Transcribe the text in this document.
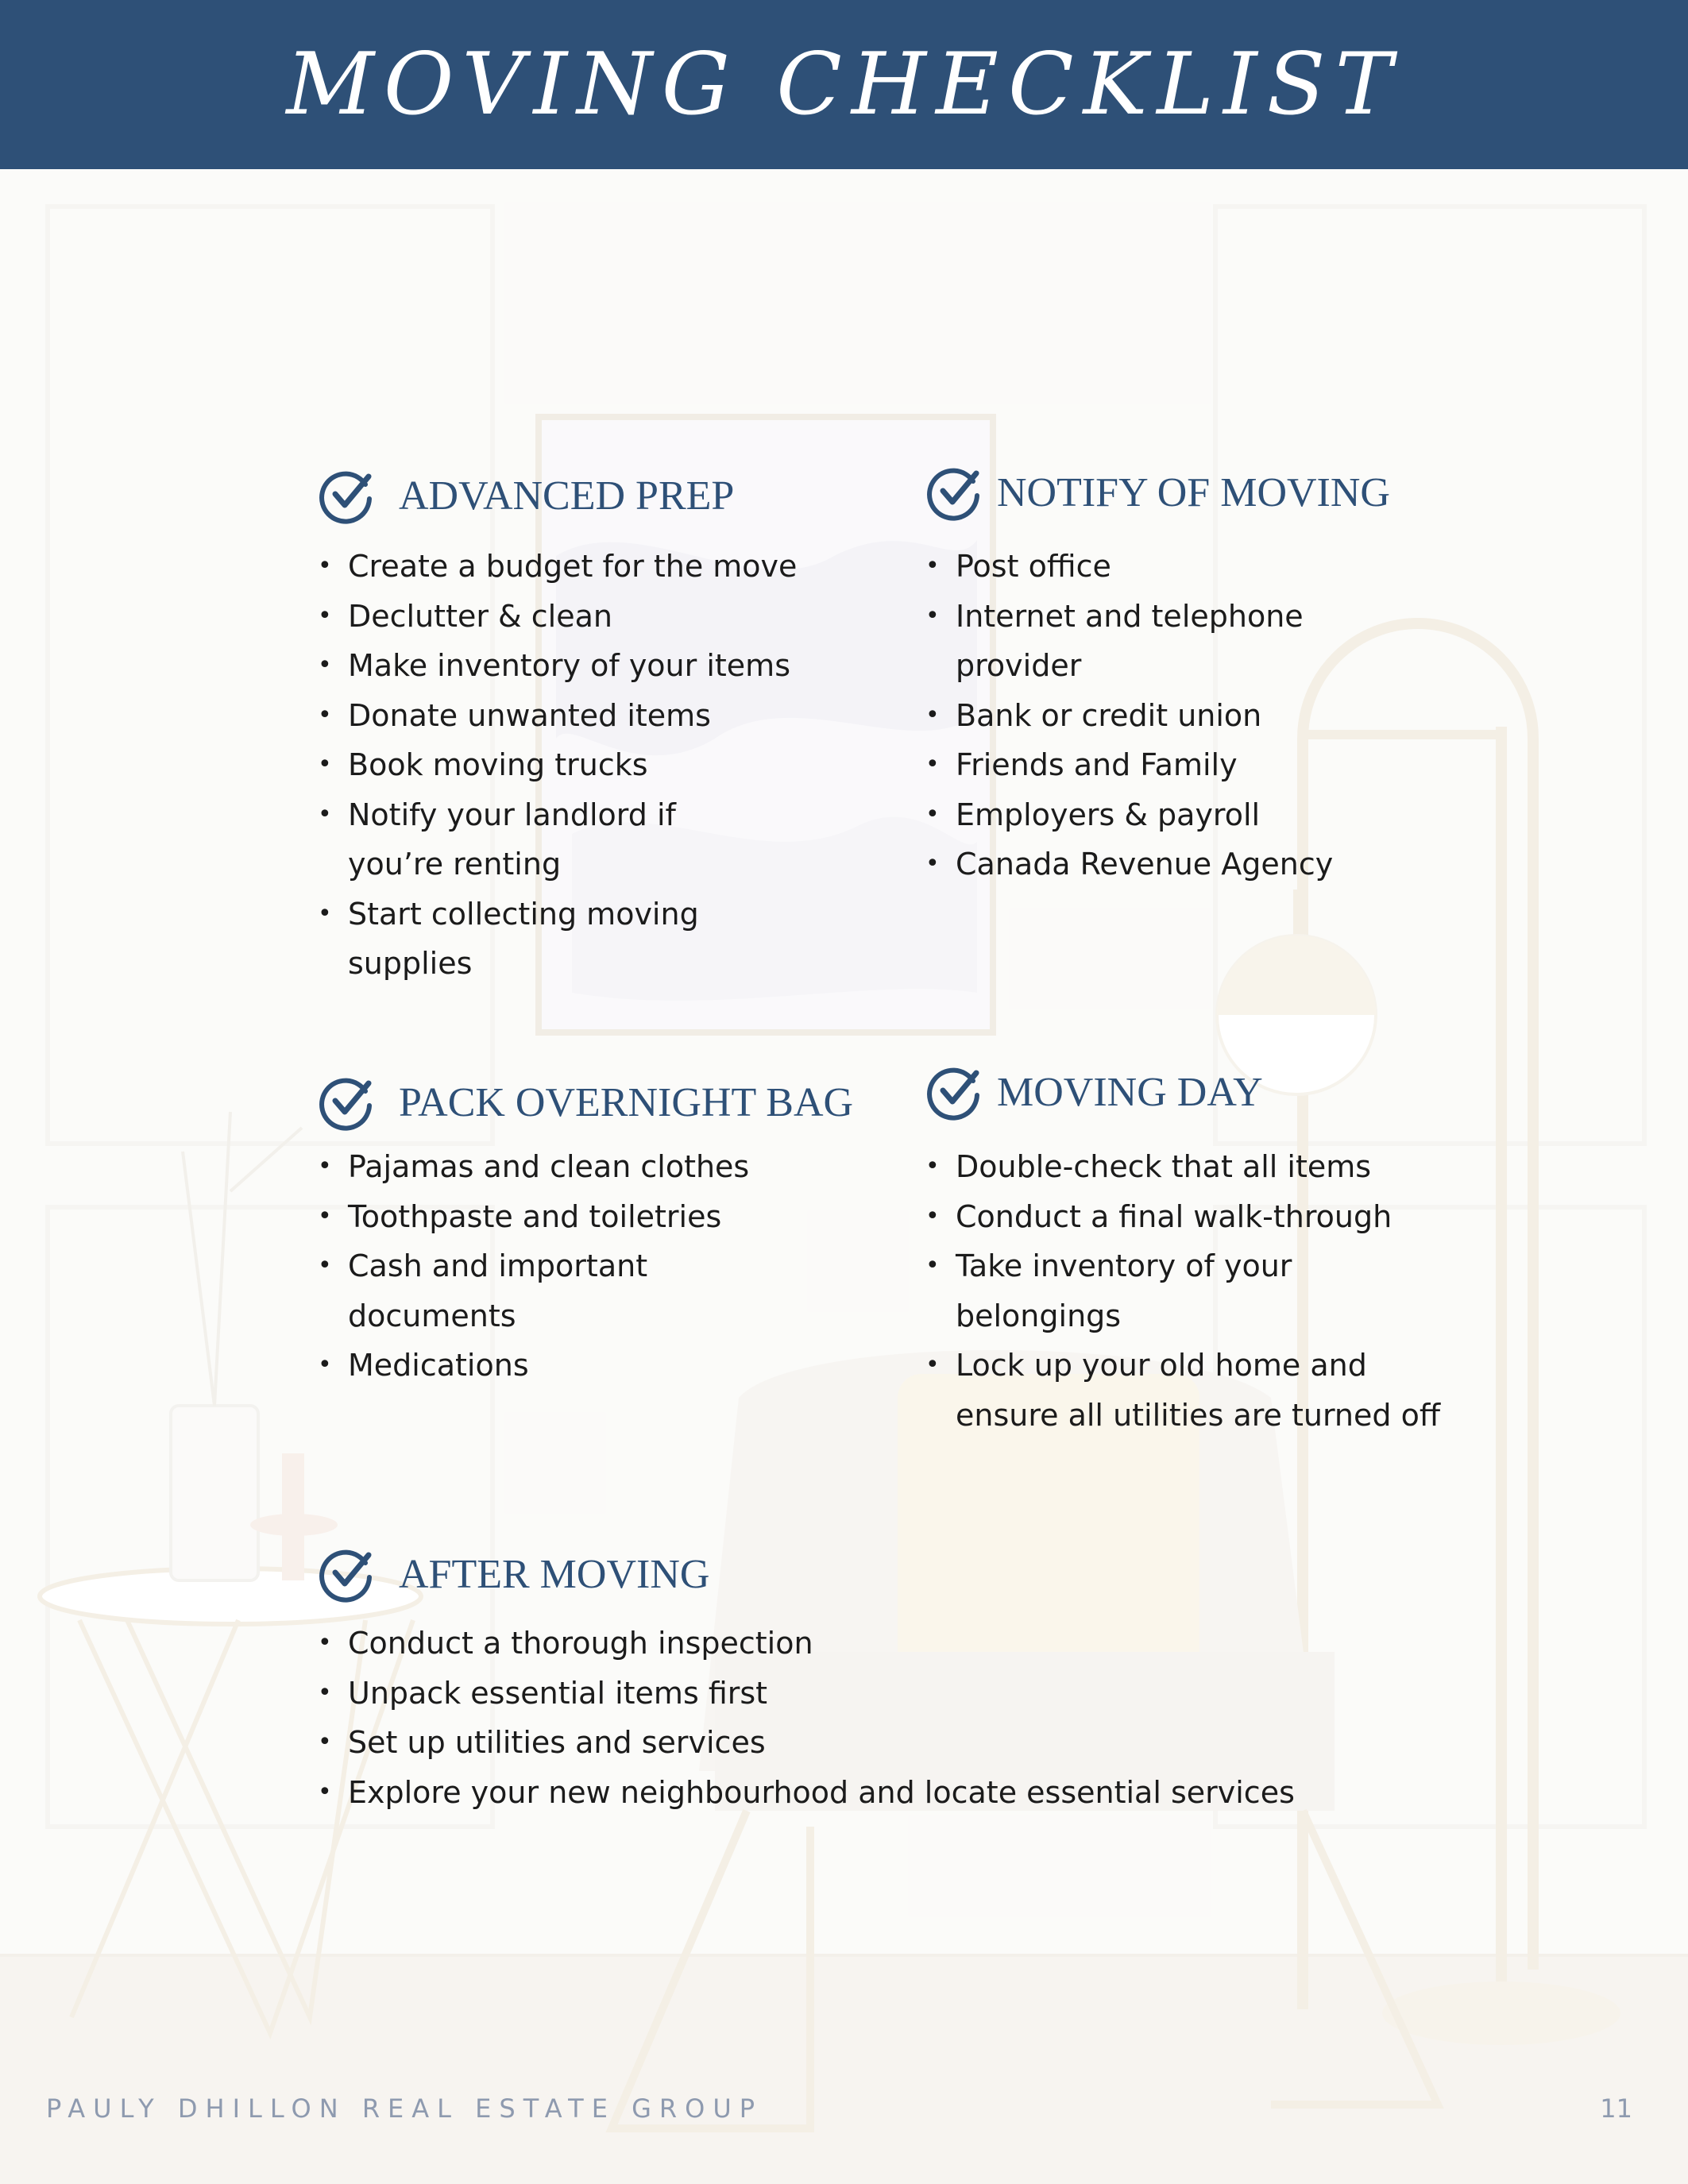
MOVING CHECKLIST
ADVANCED PREP
• Create a budget for the move
• Declutter & clean
• Make inventory of your items
• Donate unwanted items
• Book moving trucks
• Notify your landlord if you’re renting
• Start collecting moving supplies
NOTIFY OF MOVING
• Post office
• Internet and telephone provider
• Bank or credit union
• Friends and Family
• Employers & payroll
• Canada Revenue Agency
PACK OVERNIGHT BAG
• Pajamas and clean clothes
• Toothpaste and toiletries
• Cash and important documents
• Medications
MOVING DAY
• Double-check that all items
• Conduct a final walk-through
• Take inventory of your belongings
• Lock up your old home and ensure all utilities are turned off
AFTER MOVING
• Conduct a thorough inspection
• Unpack essential items first
• Set up utilities and services
• Explore your new neighbourhood and locate essential services
PAULY DHILLON REAL ESTATE GROUP	11
